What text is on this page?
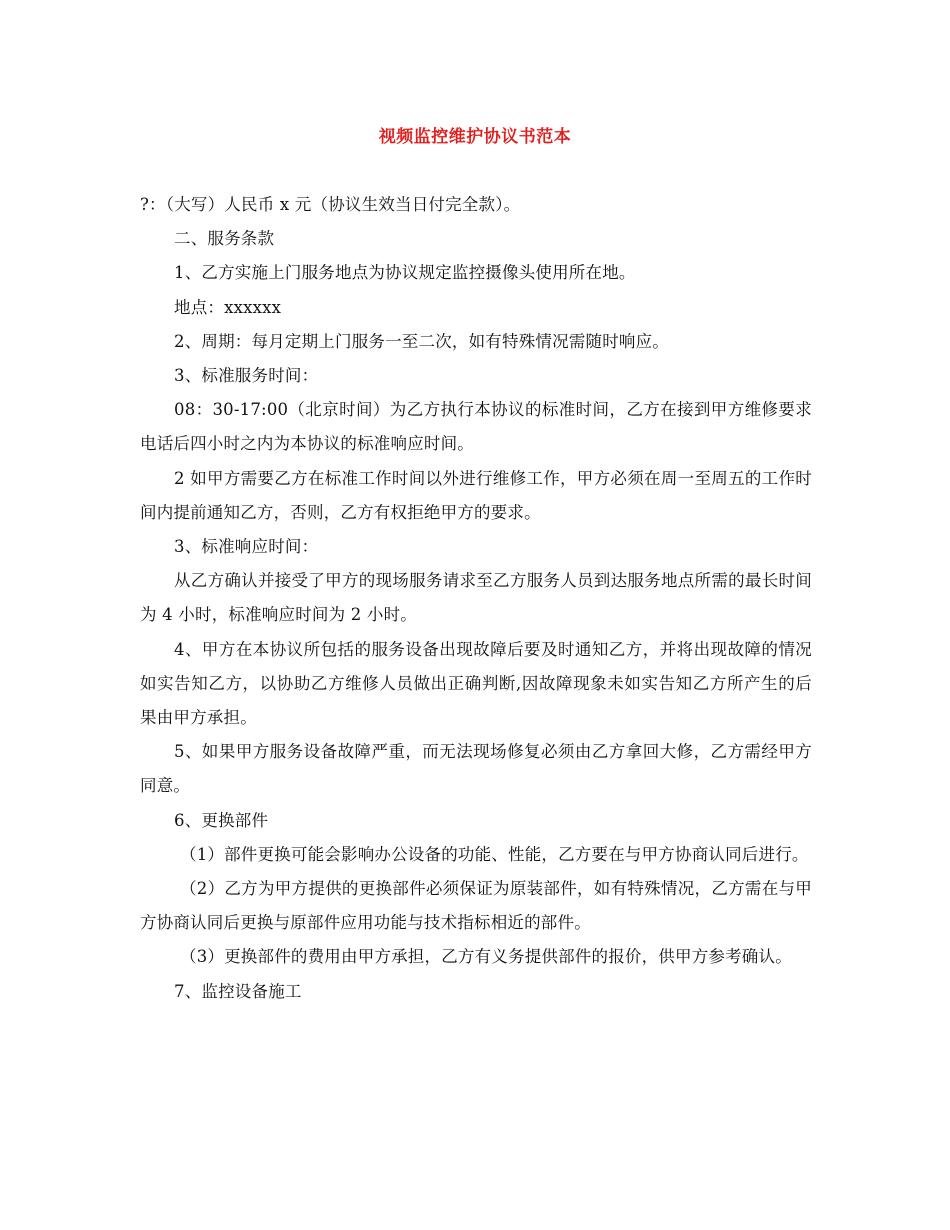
视频监控维护协议书范本

?：（大写）人民币 x 元（协议生效当日付完全款）。

二、服务条款

1、乙方实施上门服务地点为协议规定监控摄像头使用所在地。

地点：xxxxxx

2、周期：每月定期上门服务一至二次，如有特殊情况需随时响应。

3、标准服务时间：

08：30-17:00（北京时间）为乙方执行本协议的标准时间，乙方在接到甲方维修要求电话后四小时之内为本协议的标准响应时间。

2 如甲方需要乙方在标准工作时间以外进行维修工作，甲方必须在周一至周五的工作时间内提前通知乙方，否则，乙方有权拒绝甲方的要求。

3、标准响应时间：

从乙方确认并接受了甲方的现场服务请求至乙方服务人员到达服务地点所需的最长时间为 4 小时，标准响应时间为 2 小时。

4、甲方在本协议所包括的服务设备出现故障后要及时通知乙方，并将出现故障的情况如实告知乙方，以协助乙方维修人员做出正确判断,因故障现象未如实告知乙方所产生的后果由甲方承担。

5、如果甲方服务设备故障严重，而无法现场修复必须由乙方拿回大修，乙方需经甲方同意。

6、更换部件

（1）部件更换可能会影响办公设备的功能、性能，乙方要在与甲方协商认同后进行。

（2）乙方为甲方提供的更换部件必须保证为原装部件，如有特殊情况，乙方需在与甲方协商认同后更换与原部件应用功能与技术指标相近的部件。

（3）更换部件的费用由甲方承担，乙方有义务提供部件的报价，供甲方参考确认。

7、监控设备施工
